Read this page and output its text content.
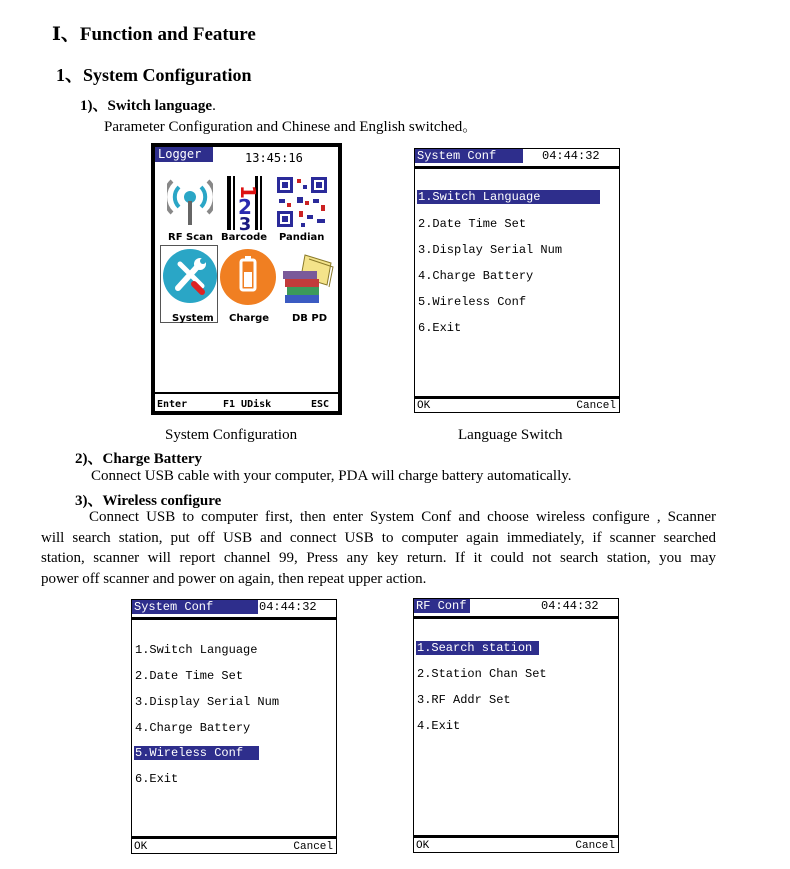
Ⅰ、Function and Feature
1、System Configuration
1)、Switch language.
Parameter Configuration and Chinese and English switched。
Logger	13:45:16
RF Scan
1
2
3
Barcode Pandian
System Charge DB PD
Enter	F1 UDisk	ESC
System Conf	04:44:32
1.Switch Language
2.Date Time Set
3.Display Serial Num
4.Charge Battery
5.Wireless Conf
6.Exit
OK	Cancel
System Configuration	Language Switch
2)、Charge Battery
Connect USB cable with your computer, PDA will charge battery automatically.
3)、Wireless configure
Connect USB to computer first, then enter System Conf and choose wireless configure , Scanner
will search station, put off USB and connect USB to computer again immediately, if scanner searched
station, scanner will report channel 99, Press any key return. If it could not search station, you may
power off scanner and power on again, then repeat upper action.
System Conf	04:44:32
1.Switch Language
2.Date Time Set
3.Display Serial Num
4.Charge Battery
5.Wireless Conf
6.Exit
OK	Cancel
RF Conf	04:44:32
1.Search station
2.Station Chan Set
3.RF Addr Set
4.Exit
OK	Cancel
